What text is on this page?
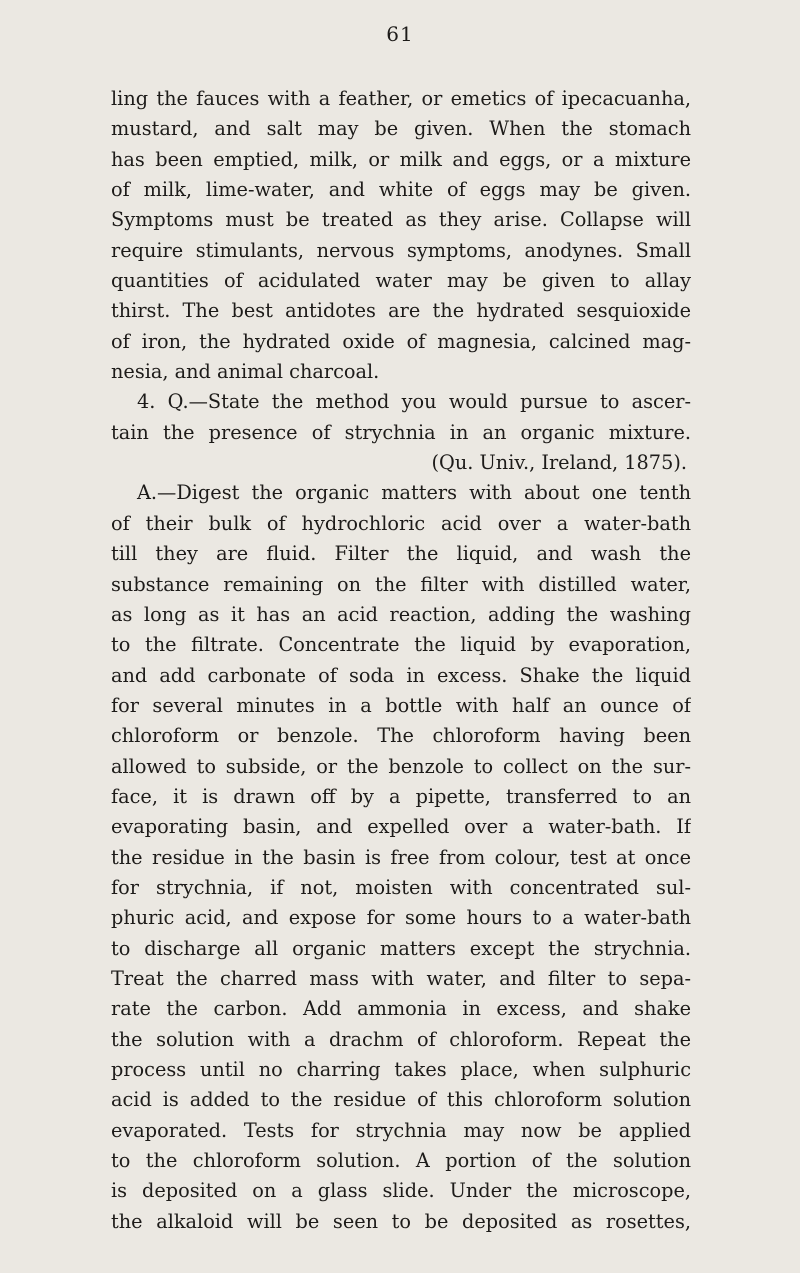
61
ling the fauces with a feather, or emetics of ipecacuanha,
mustard, and salt may be given. When the stomach
has been emptied, milk, or milk and eggs, or a mixture
of milk, lime-water, and white of eggs may be given.
Symptoms must be treated as they arise. Collapse will
require stimulants, nervous symptoms, anodynes. Small
quantities of acidulated water may be given to allay
thirst. The best antidotes are the hydrated sesquioxide
of iron, the hydrated oxide of magnesia, calcined mag-
nesia, and animal charcoal.
4. Q.—State the method you would pursue to ascer-
tain the presence of strychnia in an organic mixture.
(Qu. Univ., Ireland, 1875).
A.—Digest the organic matters with about one tenth
of their bulk of hydrochloric acid over a water-bath
till they are fluid. Filter the liquid, and wash the
substance remaining on the filter with distilled water,
as long as it has an acid reaction, adding the washing
to the filtrate. Concentrate the liquid by evaporation,
and add carbonate of soda in excess. Shake the liquid
for several minutes in a bottle with half an ounce of
chloroform or benzole. The chloroform having been
allowed to subside, or the benzole to collect on the sur-
face, it is drawn off by a pipette, transferred to an
evaporating basin, and expelled over a water-bath. If
the residue in the basin is free from colour, test at once
for strychnia, if not, moisten with concentrated sul-
phuric acid, and expose for some hours to a water-bath
to discharge all organic matters except the strychnia.
Treat the charred mass with water, and filter to sepa-
rate the carbon. Add ammonia in excess, and shake
the solution with a drachm of chloroform. Repeat the
process until no charring takes place, when sulphuric
acid is added to the residue of this chloroform solution
evaporated. Tests for strychnia may now be applied
to the chloroform solution. A portion of the solution
is deposited on a glass slide. Under the microscope,
the alkaloid will be seen to be deposited as rosettes,
